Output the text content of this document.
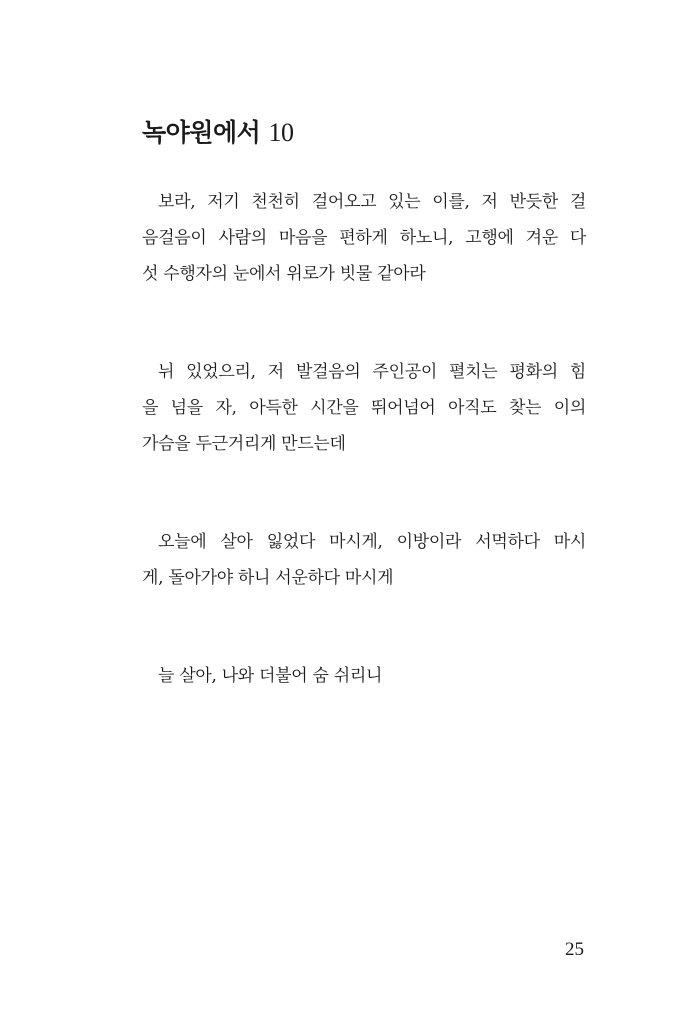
녹야원에서 10

보라, 저기 천천히 걸어오고 있는 이를, 저 반듯한 걸
음걸음이 사람의 마음을 편하게 하노니, 고행에 겨운 다
섯 수행자의 눈에서 위로가 빗물 같아라

뉘 있었으리, 저 발걸음의 주인공이 펼치는 평화의 힘
을 넘을 자, 아득한 시간을 뛰어넘어 아직도 찾는 이의
가슴을 두근거리게 만드는데

오늘에 살아 잃었다 마시게, 이방이라 서먹하다 마시
게, 돌아가야 하니 서운하다 마시게

늘 살아, 나와 더불어 숨 쉬리니

25
